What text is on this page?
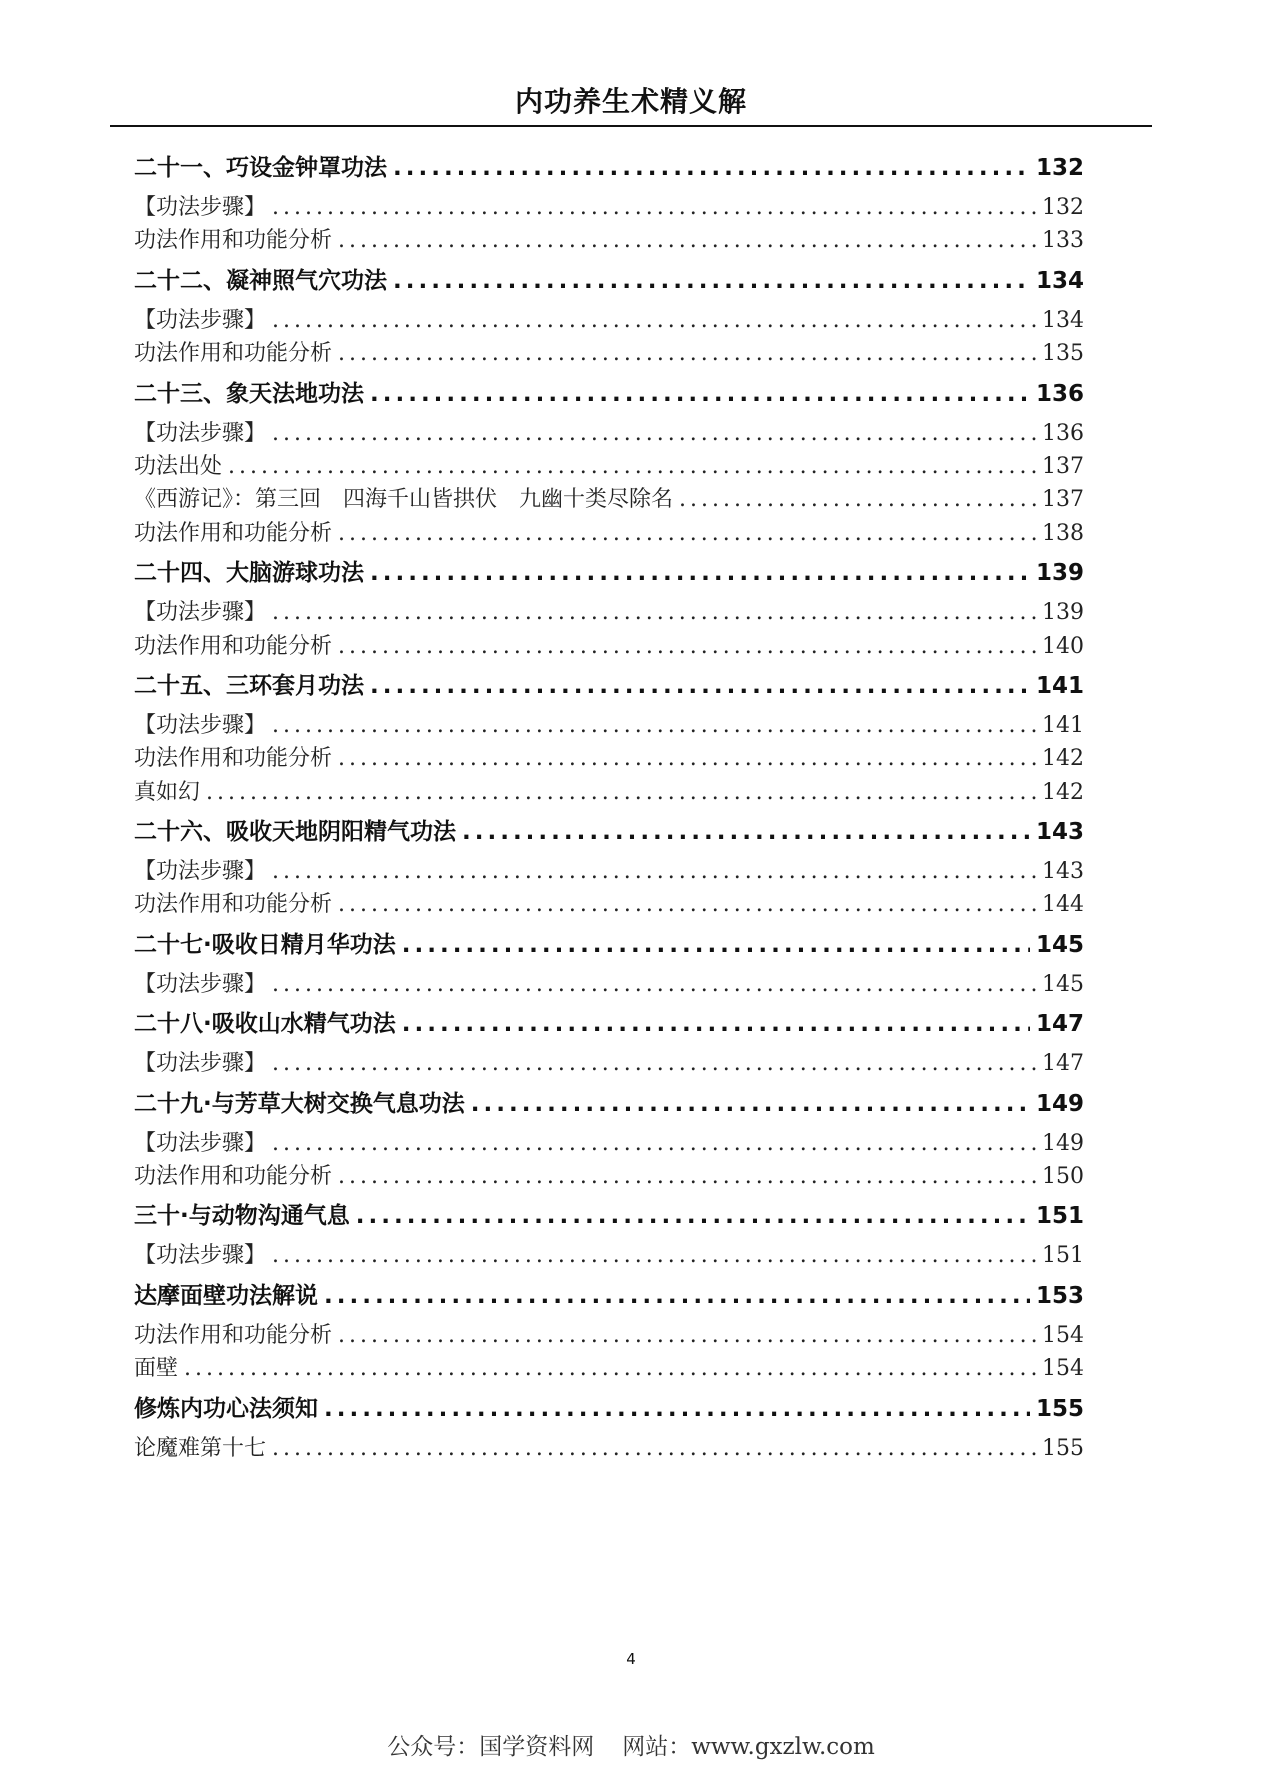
内功养生术精义解
二十一、巧设金钟罩功法 .....	132
【功法步骤】 .....	132
功法作用和功能分析 .....	133
二十二、凝神照气穴功法 .....	134
【功法步骤】 .....	134
功法作用和功能分析 .....	135
二十三、象天法地功法 .....	136
【功法步骤】 .....	136
功法出处 .....	137
《西游记》：第三回　四海千山皆拱伏　九幽十类尽除名 .....	137
功法作用和功能分析 .....	138
二十四、大脑游球功法 .....	139
【功法步骤】 .....	139
功法作用和功能分析 .....	140
二十五、三环套月功法 .....	141
【功法步骤】 .....	141
功法作用和功能分析 .....	142
真如幻 .....	142
二十六、吸收天地阴阳精气功法 .....	143
【功法步骤】 .....	143
功法作用和功能分析 .....	144
二十七·吸收日精月华功法 .....	145
【功法步骤】 .....	145
二十八·吸收山水精气功法 .....	147
【功法步骤】 .....	147
二十九·与芳草大树交换气息功法 .....	149
【功法步骤】 .....	149
功法作用和功能分析 .....	150
三十·与动物沟通气息 .....	151
【功法步骤】 .....	151
达摩面壁功法解说 .....	153
功法作用和功能分析 .....	154
面壁 .....	154
修炼内功心法须知 .....	155
论魔难第十七 .....	155
4
公众号：国学资料网 网站：www.gxzlw.com
